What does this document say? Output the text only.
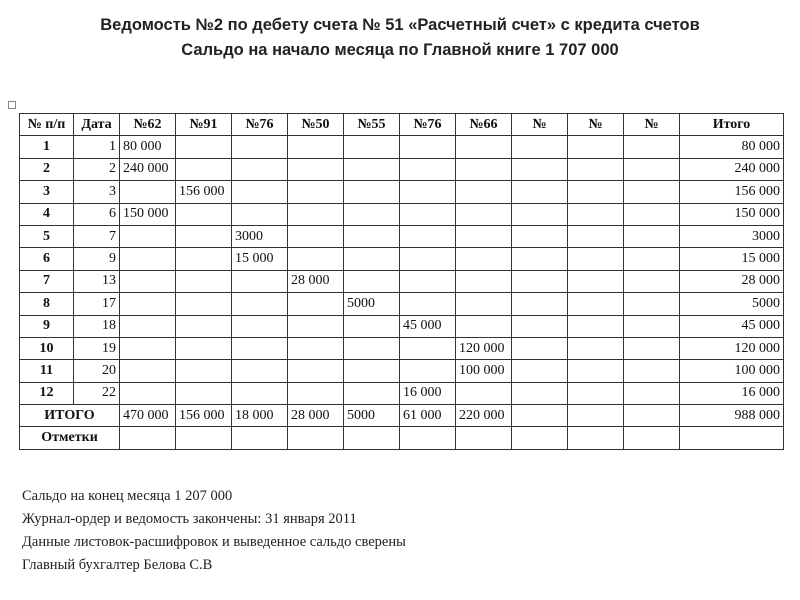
Ведомость №2 по дебету счета № 51 «Расчетный счет» с кредита счетов
Сальдо на начало месяца по Главной книге 1 707 000
№ п/п	Дата	№62	№91	№76	№50	№55	№76	№66	№	№	№	Итого
1	1	80 000										80 000
2	2	240 000										240 000
3	3		156 000									156 000
4	6	150 000										150 000
5	7			3000								3000
6	9			15 000								15 000
7	13				28 000							28 000
8	17					5000						5000
9	18						45 000					45 000
10	19							120 000				120 000
11	20							100 000				100 000
12	22						16 000					16 000
ИТОГО		470 000	156 000	18 000	28 000	5000	61 000	220 000				988 000
Отметки												
Сальдо на конец месяца 1 207 000
Журнал-ордер и ведомость закончены: 31 января 2011
Данные листовок-расшифровок и выведенное сальдо сверены
Главный бухгалтер Белова С.В
